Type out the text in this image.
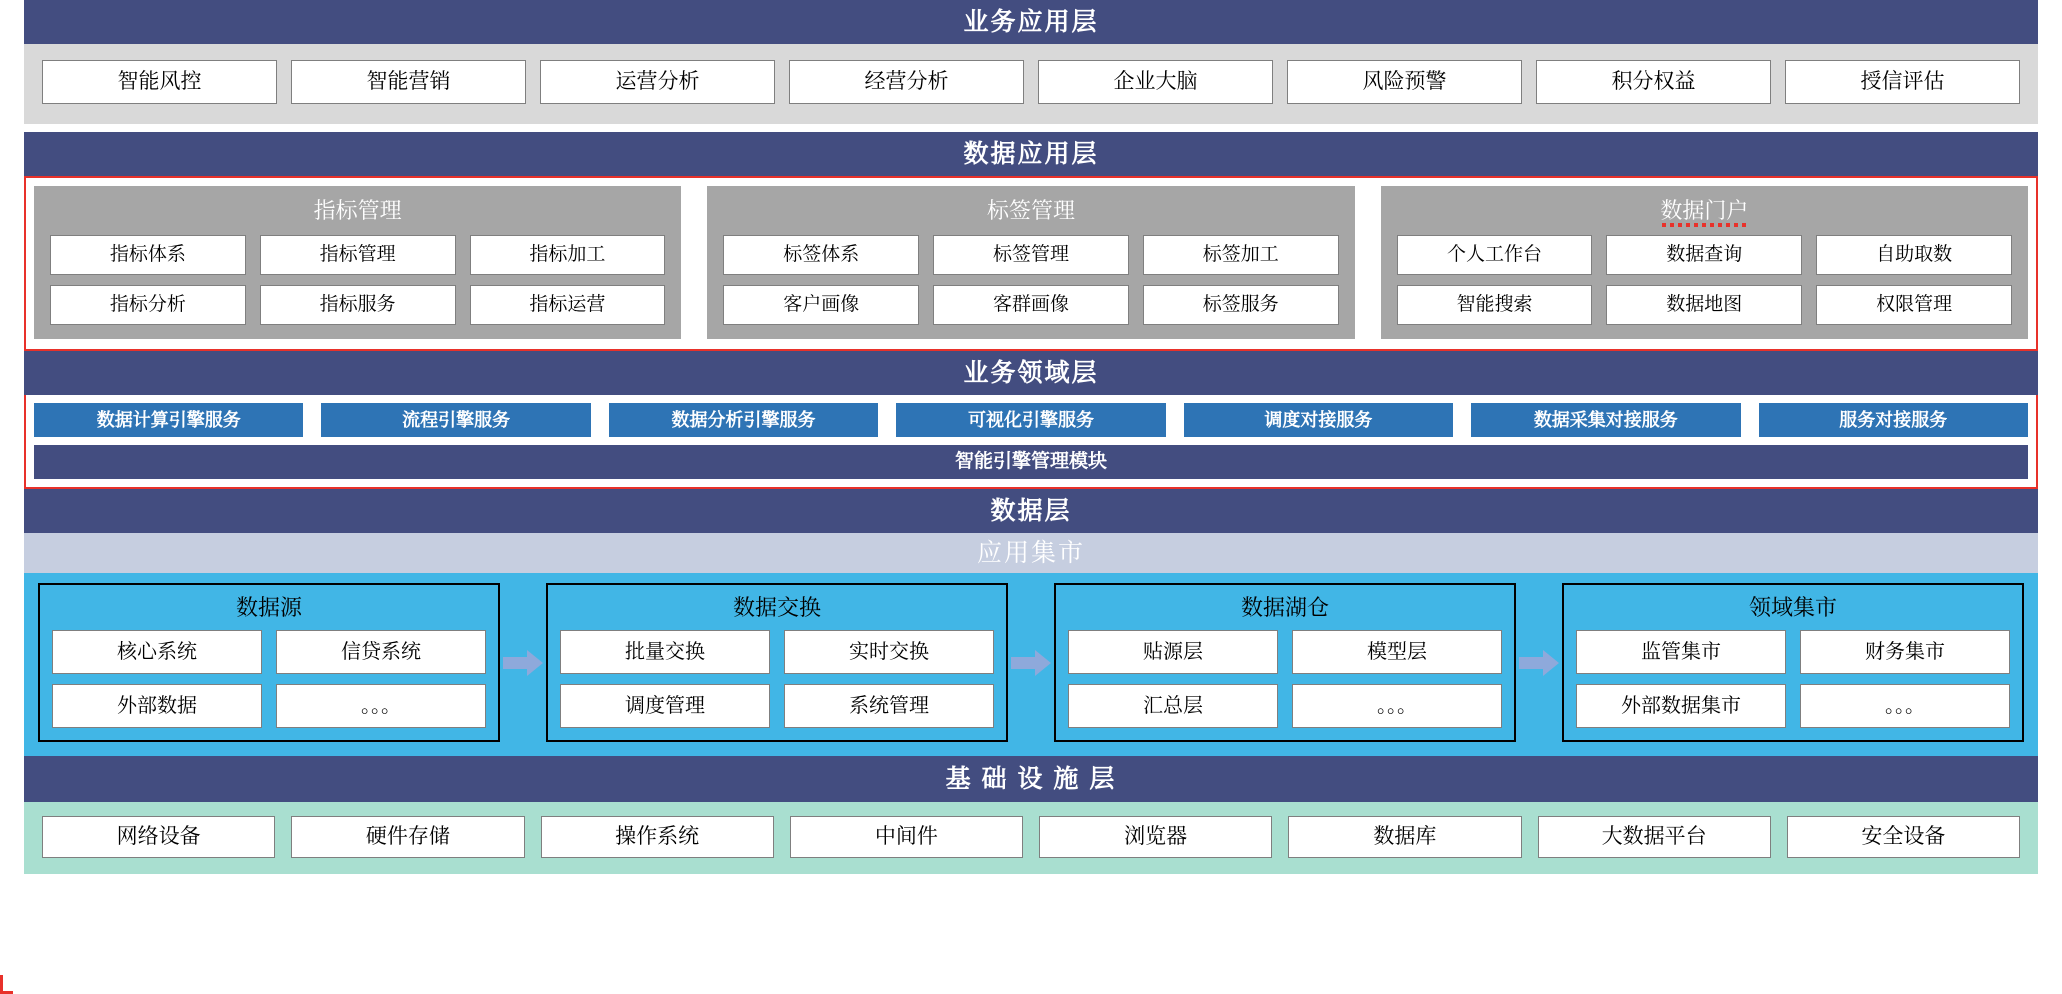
业务应用层
智能风控	智能营销	运营分析	经营分析	企业大脑	风险预警	积分权益	授信评估
数据应用层
指标管理
指标体系	指标管理	指标加工
指标分析	指标服务	指标运营
标签管理
标签体系	标签管理	标签加工
客户画像	客群画像	标签服务
数据门户
个人工作台	数据查询	自助取数
智能搜索	数据地图	权限管理
业务领域层
数据计算引擎服务	流程引擎服务	数据分析引擎服务	可视化引擎服务	调度对接服务	数据采集对接服务	服务对接服务
智能引擎管理模块
数据层
应用集市
数据源
核心系统	信贷系统
外部数据	。。。
数据交换
批量交换	实时交换
调度管理	系统管理
数据湖仓
贴源层	模型层
汇总层	。。。
领域集市
监管集市	财务集市
外部数据集市	。。。
基 础 设 施 层
网络设备	硬件存储	操作系统	中间件	浏览器	数据库	大数据平台	安全设备
